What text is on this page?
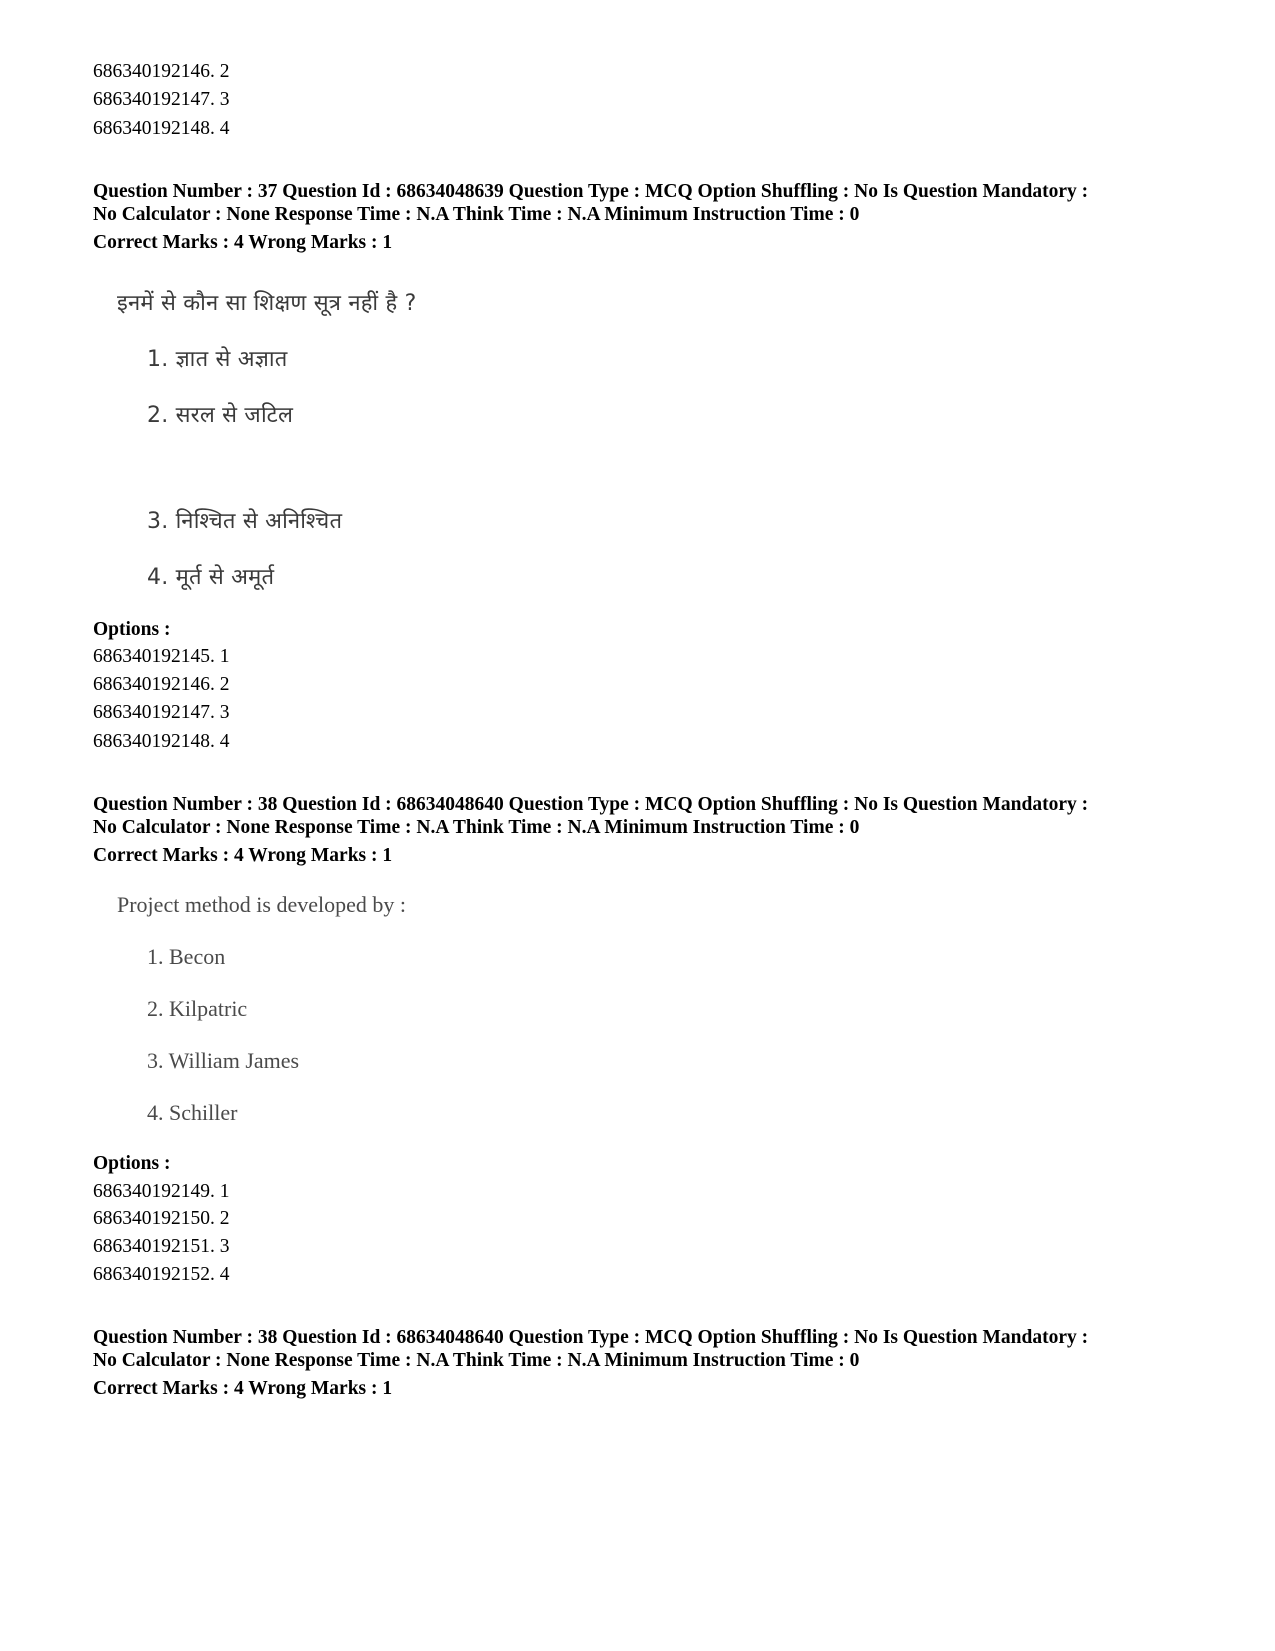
686340192146. 2
686340192147. 3
686340192148. 4
Question Number : 37 Question Id : 68634048639 Question Type : MCQ Option Shuffling : No Is Question Mandatory :
No Calculator : None Response Time : N.A Think Time : N.A Minimum Instruction Time : 0
Correct Marks : 4 Wrong Marks : 1
इनमें से कौन सा शिक्षण सूत्र नहीं है ?
1. ज्ञात से अज्ञात
2. सरल से जटिल
3. निश्चित से अनिश्चित
4. मूर्त से अमूर्त
Options :
686340192145. 1
686340192146. 2
686340192147. 3
686340192148. 4
Question Number : 38 Question Id : 68634048640 Question Type : MCQ Option Shuffling : No Is Question Mandatory :
No Calculator : None Response Time : N.A Think Time : N.A Minimum Instruction Time : 0
Correct Marks : 4 Wrong Marks : 1
Project method is developed by :
1. Becon
2. Kilpatric
3. William James
4. Schiller
Options :
686340192149. 1
686340192150. 2
686340192151. 3
686340192152. 4
Question Number : 38 Question Id : 68634048640 Question Type : MCQ Option Shuffling : No Is Question Mandatory :
No Calculator : None Response Time : N.A Think Time : N.A Minimum Instruction Time : 0
Correct Marks : 4 Wrong Marks : 1
